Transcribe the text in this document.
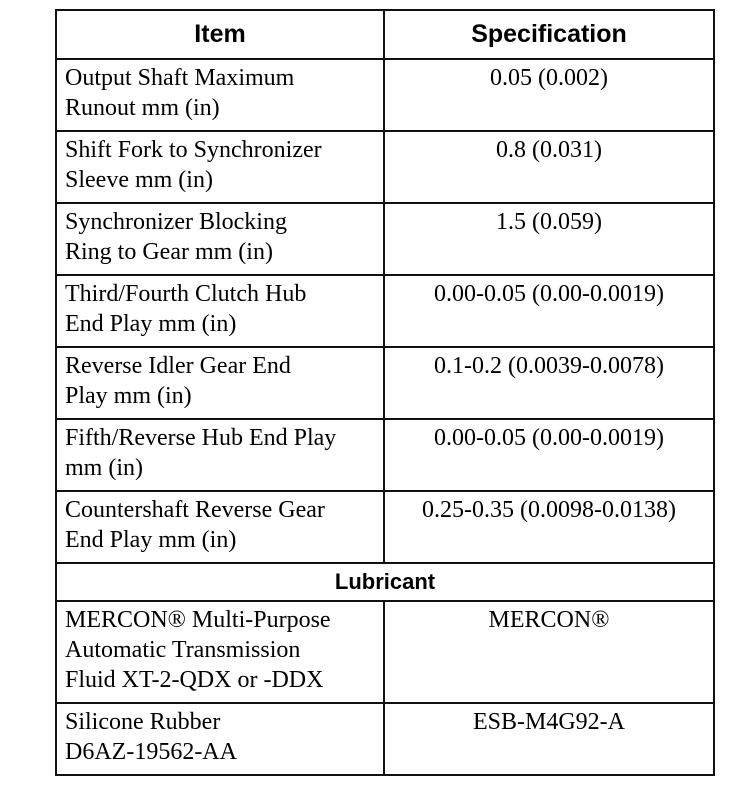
Item	Specification

Output Shaft Maximum
Runout mm (in)	0.05 (0.002)

Shift Fork to Synchronizer
Sleeve mm (in)	0.8 (0.031)

Synchronizer Blocking
Ring to Gear mm (in)	1.5 (0.059)

Third/Fourth Clutch Hub
End Play mm (in)	0.00-0.05 (0.00-0.0019)

Reverse Idler Gear End
Play mm (in)	0.1-0.2 (0.0039-0.0078)

Fifth/Reverse Hub End Play
mm (in)	0.00-0.05 (0.00-0.0019)

Countershaft Reverse Gear
End Play mm (in)	0.25-0.35 (0.0098-0.0138)
Lubricant	

MERCON® Multi-Purpose
Automatic Transmission
Fluid XT-2-QDX or -DDX	MERCON®

Silicone Rubber
D6AZ-19562-AA	ESB-M4G92-A
